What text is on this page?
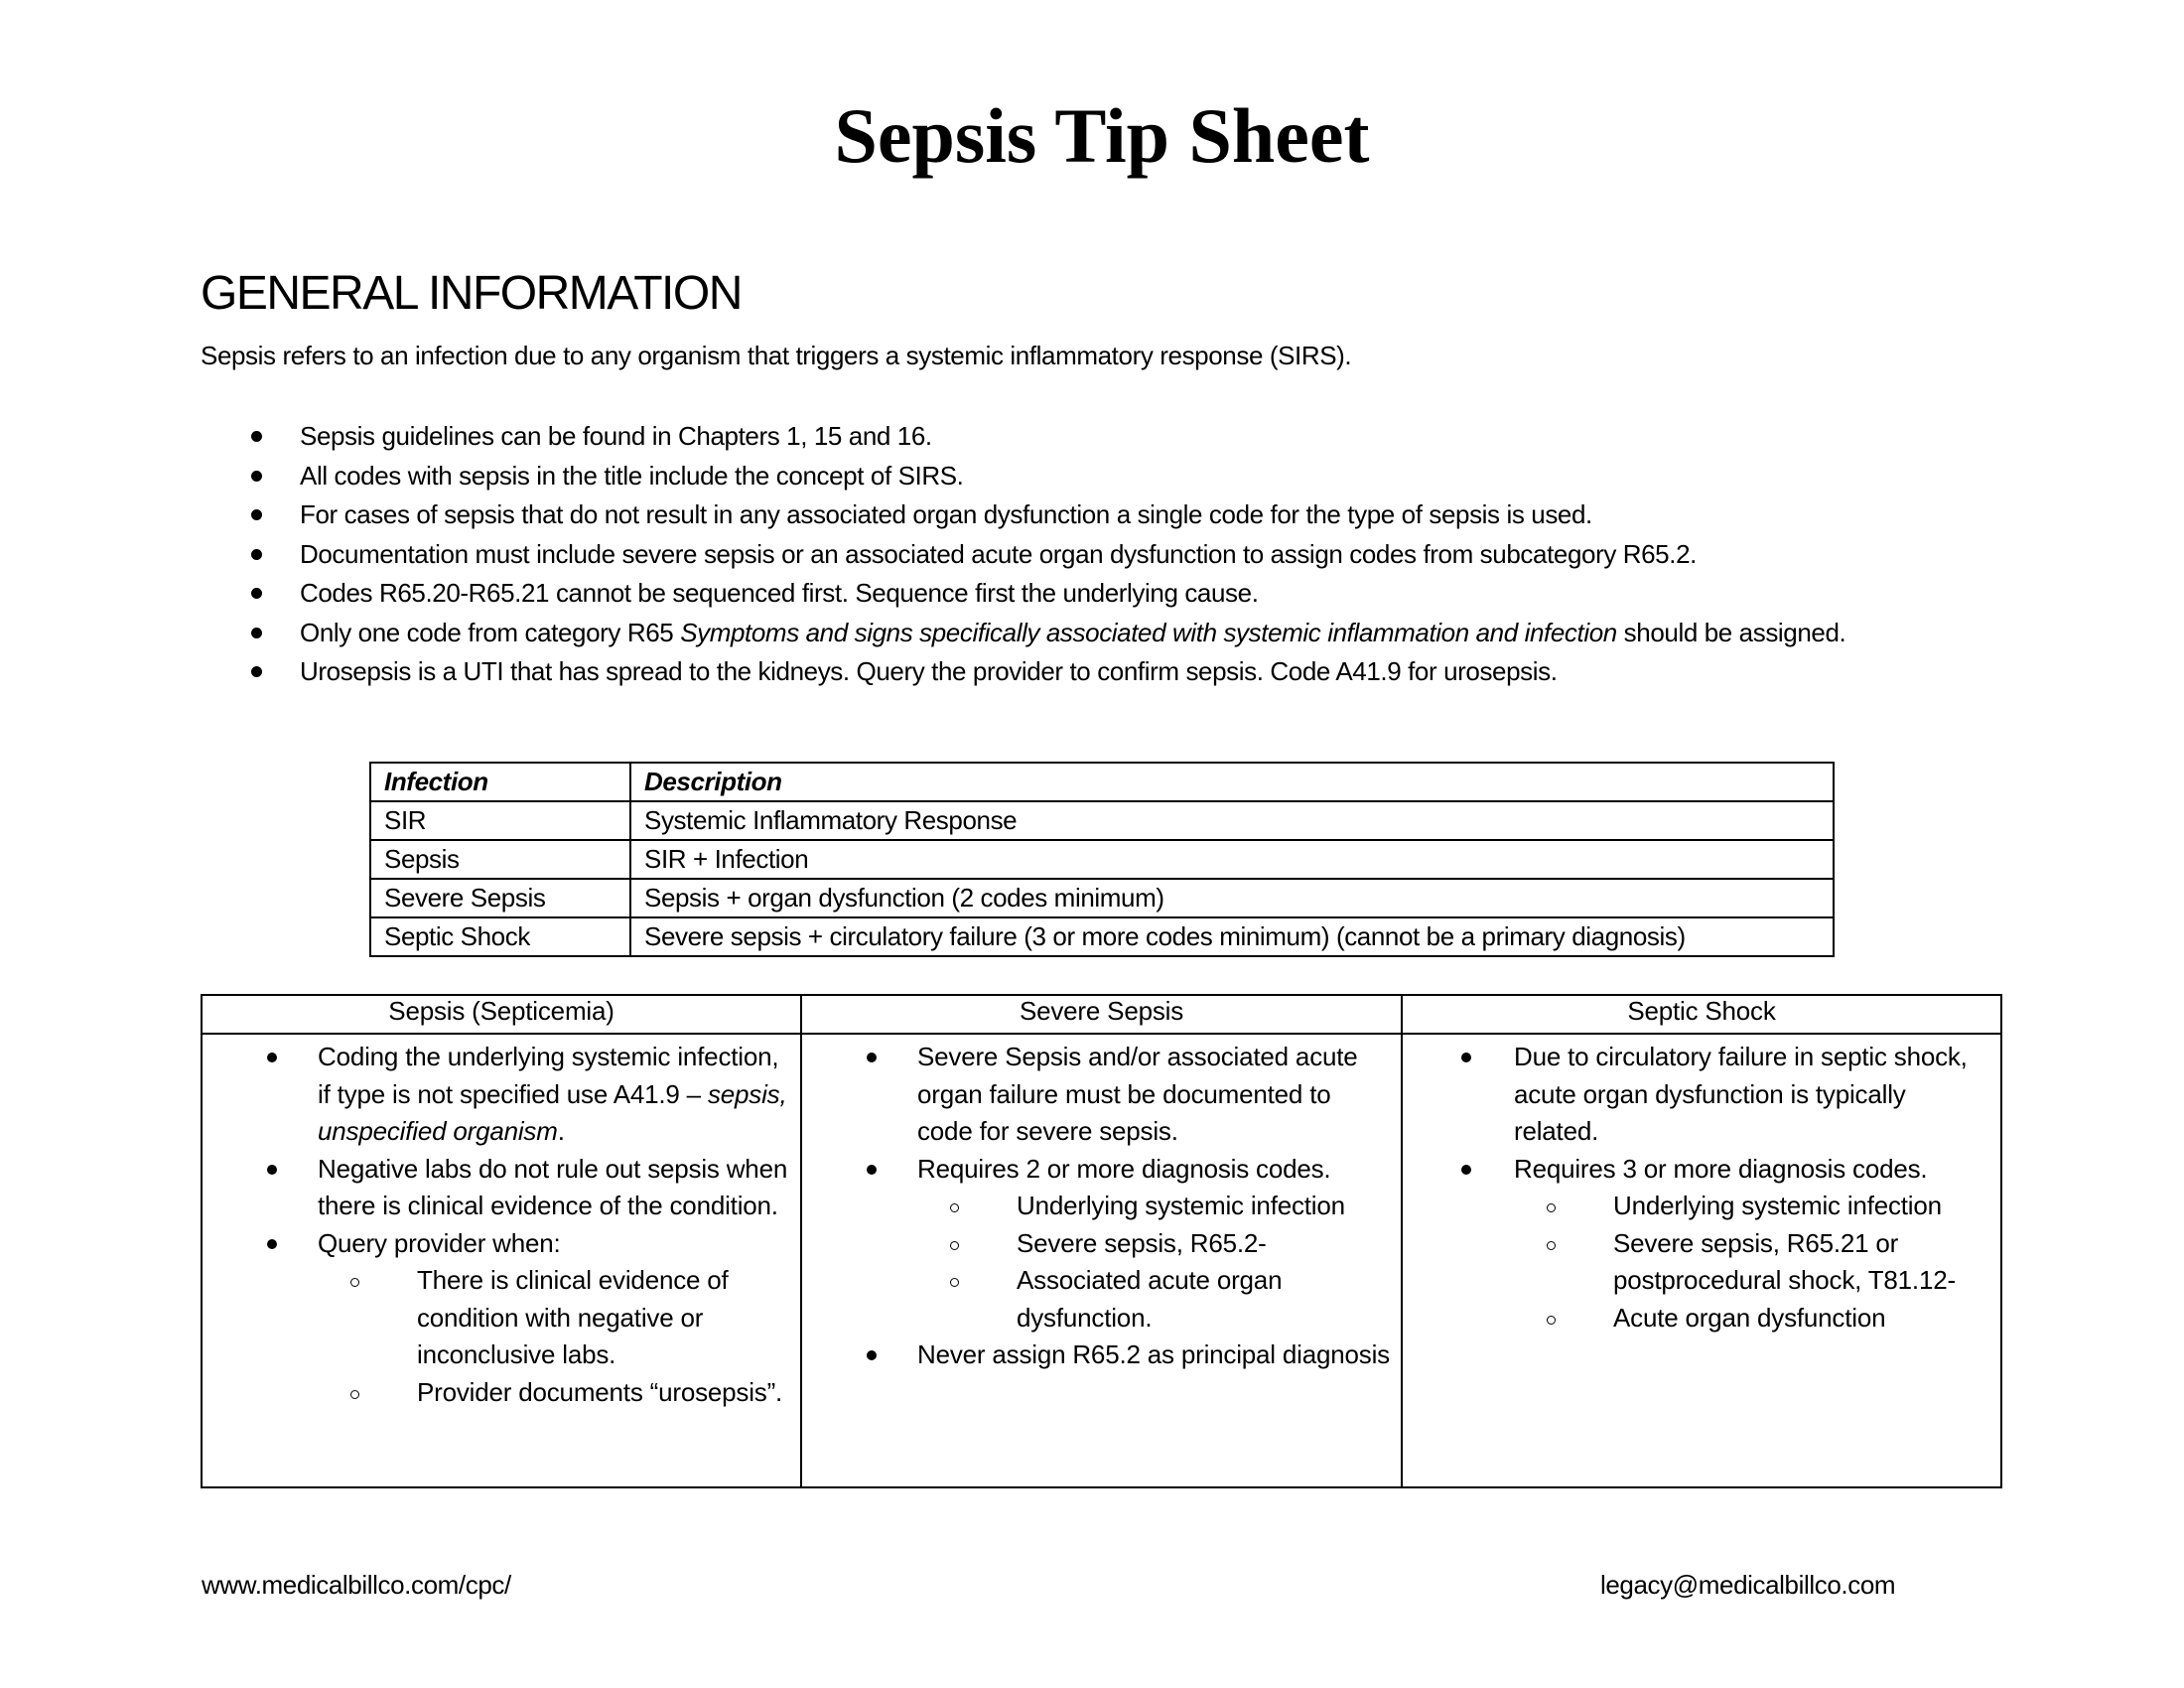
Sepsis Tip Sheet
GENERAL INFORMATION
Sepsis refers to an infection due to any organism that triggers a systemic inflammatory response (SIRS).
Sepsis guidelines can be found in Chapters 1, 15 and 16.
All codes with sepsis in the title include the concept of SIRS.
For cases of sepsis that do not result in any associated organ dysfunction a single code for the type of sepsis is used.
Documentation must include severe sepsis or an associated acute organ dysfunction to assign codes from subcategory R65.2.
Codes R65.20-R65.21 cannot be sequenced first. Sequence first the underlying cause.
Only one code from category R65 Symptoms and signs specifically associated with systemic inflammation and infection should be assigned.
Urosepsis is a UTI that has spread to the kidneys. Query the provider to confirm sepsis. Code A41.9 for urosepsis.
Infection	Description
SIR	Systemic Inflammatory Response
Sepsis	SIR + Infection
Severe Sepsis	Sepsis + organ dysfunction (2 codes minimum)
Septic Shock	Severe sepsis + circulatory failure (3 or more codes minimum) (cannot be a primary diagnosis)
Sepsis (Septicemia)	Severe Sepsis	Septic Shock

Coding the underlying systemic infection, if type is not specified use A41.9 – sepsis, unspecified organism.
Negative labs do not rule out sepsis when there is clinical evidence of the condition.
Query provider when:
There is clinical evidence of condition with negative or inconclusive labs.
Provider documents “urosepsis”.

Severe Sepsis and/or associated acute organ failure must be documented to code for severe sepsis.
Requires 2 or more diagnosis codes.
Underlying systemic infection
Severe sepsis, R65.2-
Associated acute organ dysfunction.
Never assign R65.2 as principal diagnosis

Due to circulatory failure in septic shock, acute organ dysfunction is typically related.
Requires 3 or more diagnosis codes.
Underlying systemic infection
Severe sepsis, R65.21 or postprocedural shock, T81.12-
Acute organ dysfunction
www.medicalbillco.com/cpc/	legacy@medicalbillco.com
